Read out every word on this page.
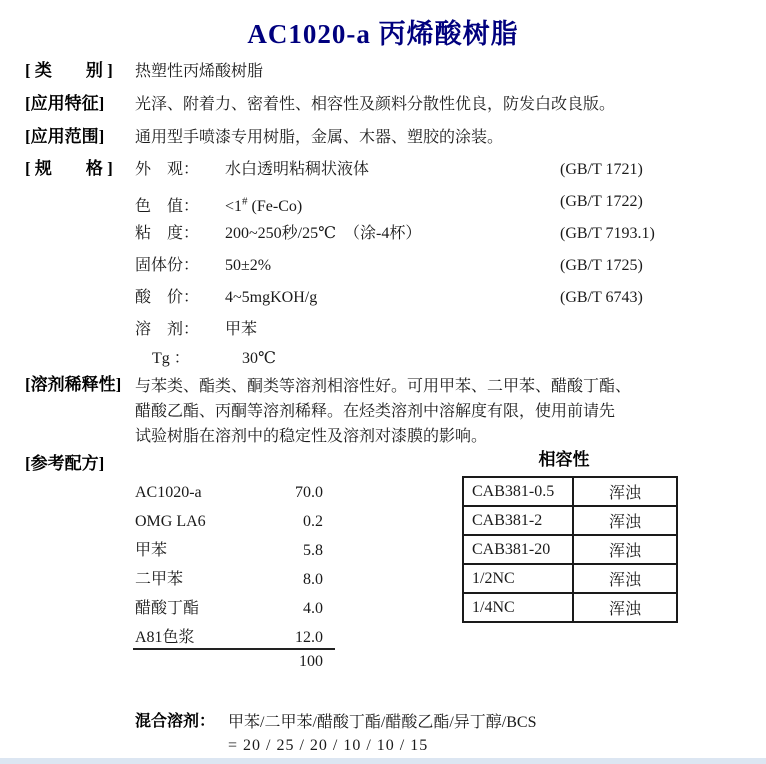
AC1020-a 丙烯酸树脂
[ 类　　别 ] 热塑性丙烯酸树脂
[应用特征] 光泽、附着力、密着性、相容性及颜料分散性优良，防发白改良版。
[应用范围] 通用型手喷漆专用树脂，金属、木器、塑胶的涂装。
[ 规　　格 ] 外　观： 水白透明粘稠状液体	(GB/T 1721)
色　值： <1# (Fe-Co)	(GB/T 1722)
粘　度： 200~250秒/25℃　（涂-4杯）	(GB/T 7193.1)
固体份： 50±2%	(GB/T 1725)
酸　价： 4~5mgKOH/g	(GB/T 6743)
溶　剂： 甲苯
Tg ：	30℃
[溶剂稀释性] 与苯类、酯类、酮类等溶剂相溶性好。可用甲苯、二甲苯、醋酸丁酯、
醋酸乙酯、丙酮等溶剂稀释。在烃类溶剂中溶解度有限，使用前请先
试验树脂在溶剂中的稳定性及溶剂对漆膜的影响。
[参考配方]
AC1020-a	70.0
OMG LA6	0.2
甲苯	5.8
二甲苯	8.0
醋酸丁酯	4.0
A81色浆	12.0
100
相容性
CAB381-0.5	浑浊
CAB381-2	浑浊
CAB381-20	浑浊
1/2NC	浑浊
1/4NC	浑浊
混合溶剂： 甲苯/二甲苯/醋酸丁酯/醋酸乙酯/异丁醇/BCS
= 20 / 25 / 20 / 10 / 10 / 15
